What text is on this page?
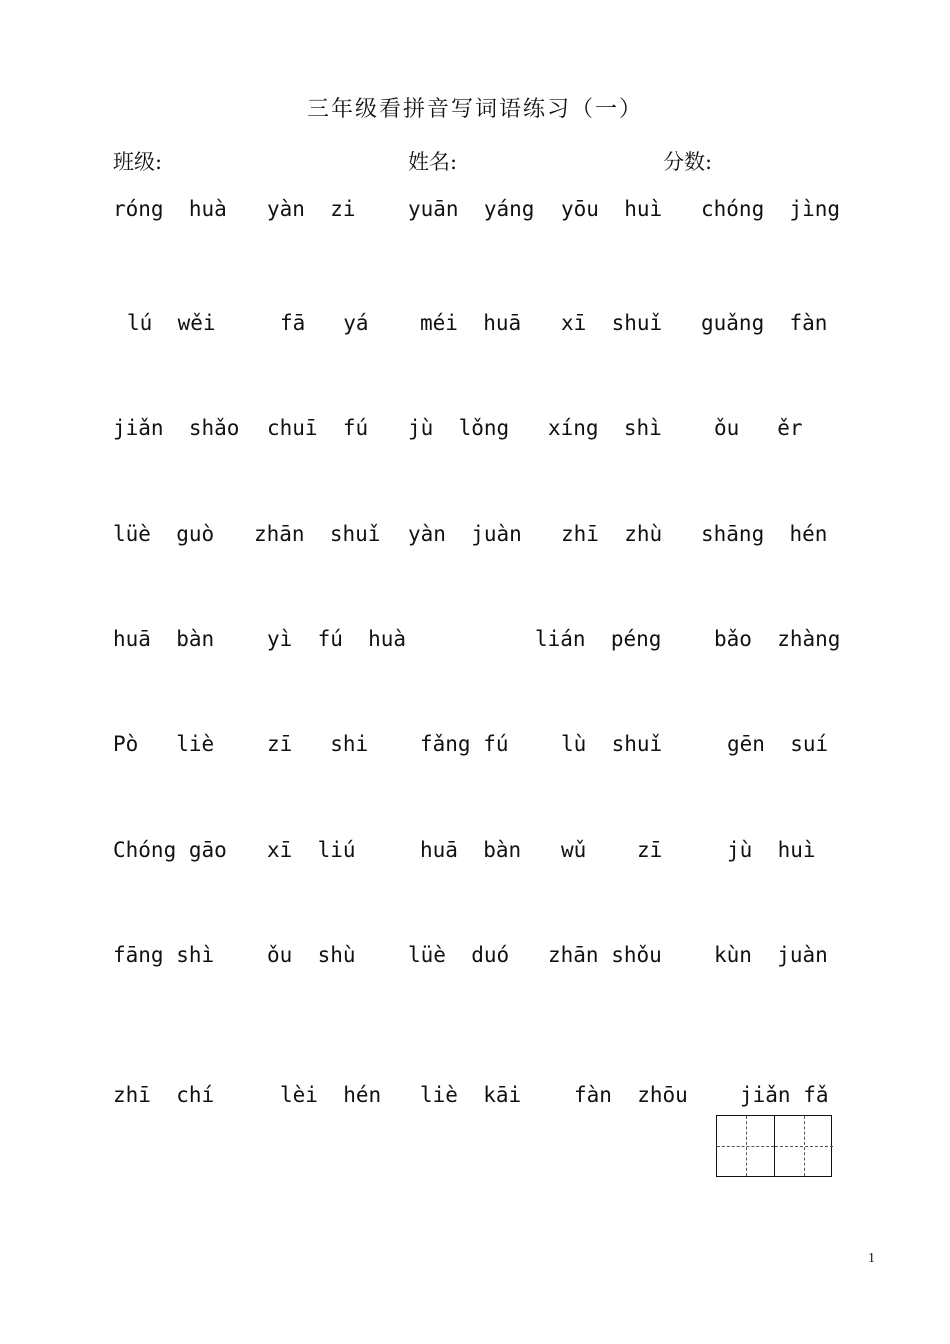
三年级看拼音写词语练习（一）
班级:	姓名:	分数:
róng  huà yàn  zi yuān  yáng yōu  huì chóng  jìng
lú  wěi	fā   yá méi  huā xī  shuǐ guǎng  fàn
jiǎn  shǎo chuī  fú jù  lǒng xíng  shì ǒu   ěr
lüè  guò zhān  shuǐ yàn  juàn zhī  zhù shāng  hén
huā  bàn	yì  fú  huà	lián  péng	bǎo  zhàng
Pò   liè	zī   shi fǎng fú lù  shuǐ	gēn  suí
Chóng gāo xī  liú	huā  bàn wǔ zī	jù  huì
fāng shì	ǒu  shù lüè  duó zhān shǒu kùn  juàn
zhī  chí	lèi  hén liè  kāi	fàn  zhōu jiǎn fǎ
1
